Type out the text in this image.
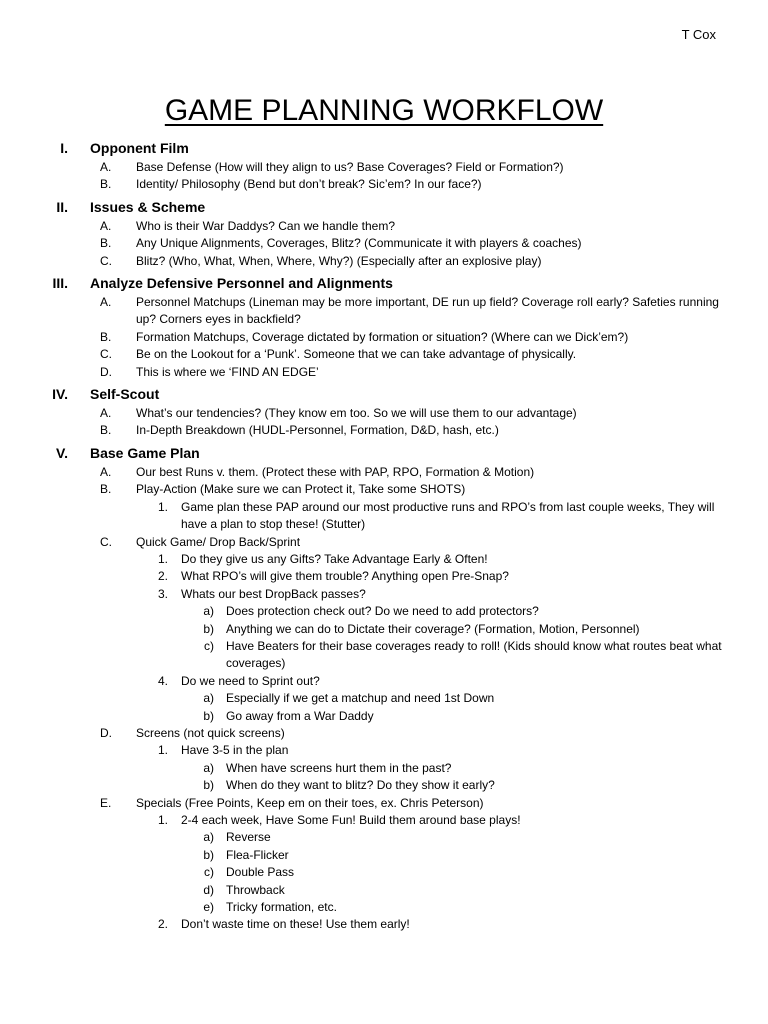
T Cox
GAME PLANNING WORKFLOW
I. Opponent Film
A.	Base Defense (How will they align to us? Base Coverages? Field or Formation?)
B.	Identity/ Philosophy (Bend but don’t break? Sic’em? In our face?)
II. Issues & Scheme
A.	Who is their War Daddys? Can we handle them?
B.	Any Unique Alignments, Coverages, Blitz? (Communicate it with players & coaches)
C.	Blitz? (Who, What, When, Where, Why?) (Especially after an explosive play)
III. Analyze Defensive Personnel and Alignments
A.	Personnel Matchups (Lineman may be more important, DE run up field? Coverage roll early? Safeties running up? Corners eyes in backfield?
B.	Formation Matchups, Coverage dictated by formation or situation? (Where can we Dick’em?)
C.	Be on the Lookout for a ‘Punk’. Someone that we can take advantage of physically.
D.	This is where we ‘FIND AN EDGE’
IV. Self-Scout
A.	What’s our tendencies? (They know em too. So we will use them to our advantage)
B.	In-Depth Breakdown (HUDL-Personnel, Formation, D&D, hash, etc.)
V. Base Game Plan
A.	Our best Runs v. them. (Protect these with PAP, RPO, Formation & Motion)
B.	Play-Action (Make sure we can Protect it, Take some SHOTS)
1. Game plan these PAP around our most productive runs and RPO’s from last couple weeks, They will have a plan to stop these! (Stutter)
C.	Quick Game/ Drop Back/Sprint
1. Do they give us any Gifts? Take Advantage Early & Often!
2. What RPO’s will give them trouble? Anything open Pre-Snap?
3. Whats our best DropBack passes?
a) Does protection check out? Do we need to add protectors?
b) Anything we can do to Dictate their coverage? (Formation, Motion, Personnel)
c) Have Beaters for their base coverages ready to roll! (Kids should know what routes beat what coverages)
4. Do we need to Sprint out?
a) Especially if we get a matchup and need 1st Down
b) Go away from a War Daddy
D.	Screens (not quick screens)
1. Have 3-5 in the plan
a) When have screens hurt them in the past?
b) When do they want to blitz? Do they show it early?
E.	Specials (Free Points, Keep em on their toes, ex. Chris Peterson)
1. 2-4 each week, Have Some Fun! Build them around base plays!
a) Reverse
b) Flea-Flicker
c) Double Pass
d) Throwback
e) Tricky formation, etc.
2. Don’t waste time on these! Use them early!
